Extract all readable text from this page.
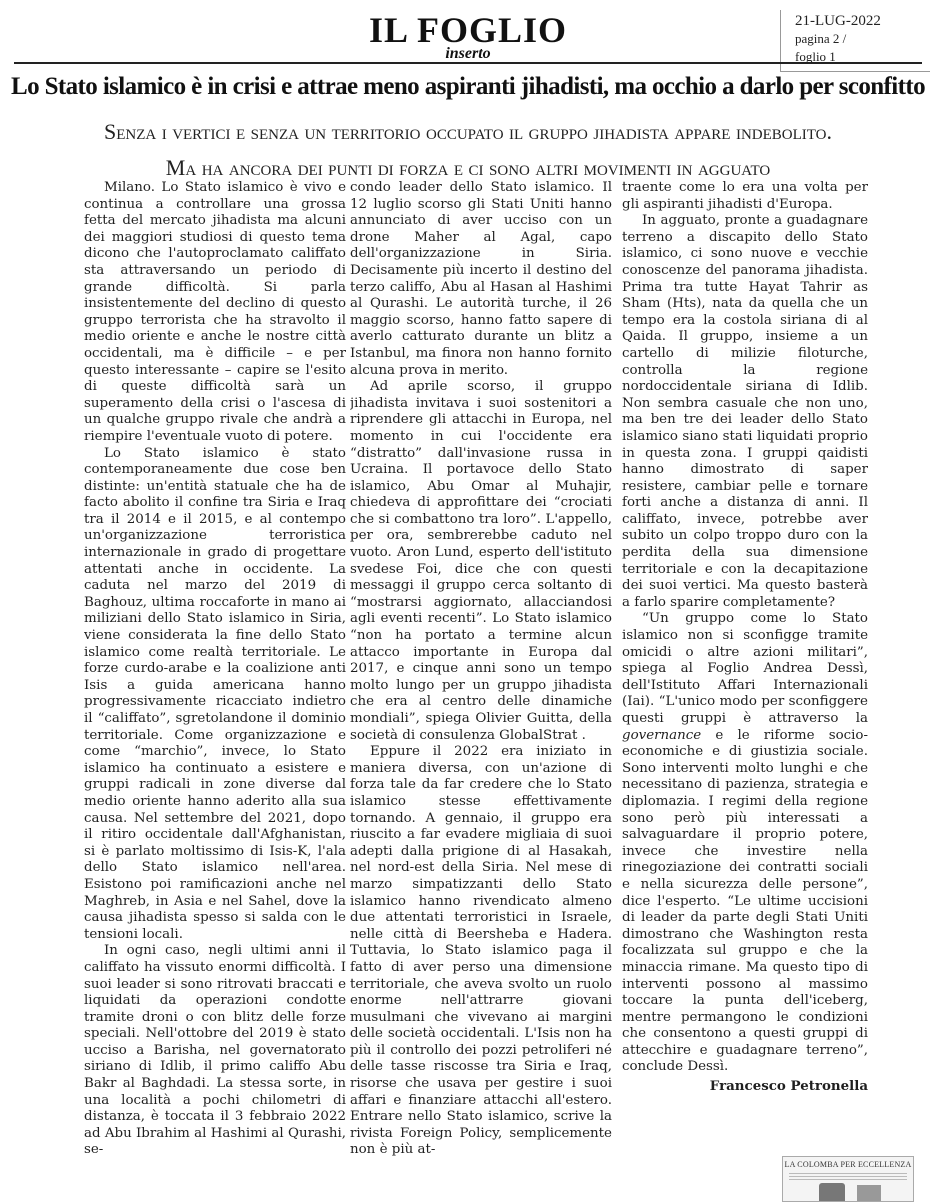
IL FOGLIO
inserto
21-LUG-2022
pagina 2 /
foglio 1
Lo Stato islamico è in crisi e attrae meno aspiranti jihadisti, ma occhio a darlo per sconfitto
Senza i vertici e senza un territorio occupato il gruppo jihadista appare indebolito.
Ma ha ancora dei punti di forza e ci sono altri movimenti in agguato

Milano. Lo Stato islamico è vivo e continua a controllare una grossa fetta del mercato jihadista ma alcuni dei maggiori studiosi di questo tema dicono che l'autoproclamato califfato sta attraversando un periodo di grande difficoltà. Si parla insistentemente del declino di questo gruppo terrorista che ha stravolto il medio oriente e anche le nostre città occidentali, ma è difficile – e per questo interessante – capire se l'esito di queste difficoltà sarà un superamento della crisi o l'ascesa di un qualche gruppo rivale che andrà a riempire l'eventuale vuoto di potere.

Lo Stato islamico è stato contemporaneamente due cose ben distinte: un'entità statuale che ha de facto abolito il confine tra Siria e Iraq tra il 2014 e il 2015, e al contempo un'organizzazione terroristica internazionale in grado di progettare attentati anche in occidente. La caduta nel marzo del 2019 di Baghouz, ultima roccaforte in mano ai miliziani dello Stato islamico in Siria, viene considerata la fine dello Stato islamico come realtà territoriale. Le forze curdo-arabe e la coalizione anti Isis a guida americana hanno progressivamente ricacciato indietro il “califfato”, sgretolandone il dominio territoriale. Come organizzazione e come “marchio”, invece, lo Stato islamico ha continuato a esistere e gruppi radicali in zone diverse dal medio oriente hanno aderito alla sua causa. Nel settembre del 2021, dopo il ritiro occidentale dall'Afghanistan, si è parlato moltissimo di Isis-K, l'ala dello Stato islamico nell'area. Esistono poi ramificazioni anche nel Maghreb, in Asia e nel Sahel, dove la causa jihadista spesso si salda con le tensioni locali.

In ogni caso, negli ultimi anni il califfato ha vissuto enormi difficoltà. I suoi leader si sono ritrovati braccati e liquidati da operazioni condotte tramite droni o con blitz delle forze speciali. Nell'ottobre del 2019 è stato ucciso a Barisha, nel governatorato siriano di Idlib, il primo califfo Abu Bakr al Baghdadi. La stessa sorte, in una località a pochi chilometri di distanza, è toccata il 3 febbraio 2022 ad Abu Ibrahim al Hashimi al Qurashi, se-

condo leader dello Stato islamico. Il 12 luglio scorso gli Stati Uniti hanno annunciato di aver ucciso con un drone Maher al Agal, capo dell'organizzazione in Siria. Decisamente più incerto il destino del terzo califfo, Abu al Hasan al Hashimi al Qurashi. Le autorità turche, il 26 maggio scorso, hanno fatto sapere di averlo catturato durante un blitz a Istanbul, ma finora non hanno fornito alcuna prova in merito.

Ad aprile scorso, il gruppo jihadista invitava i suoi sostenitori a riprendere gli attacchi in Europa, nel momento in cui l'occidente era “distratto” dall'invasione russa in Ucraina. Il portavoce dello Stato islamico, Abu Omar al Muhajir, chiedeva di approfittare dei “crociati che si combattono tra loro”. L'appello, per ora, sembrerebbe caduto nel vuoto. Aron Lund, esperto dell'istituto svedese Foi, dice che con questi messaggi il gruppo cerca soltanto di “mostrarsi aggiornato, allacciandosi agli eventi recenti”. Lo Stato islamico “non ha portato a termine alcun attacco importante in Europa dal 2017, e cinque anni sono un tempo molto lungo per un gruppo jihadista che era al centro delle dinamiche mondiali”, spiega Olivier Guitta, della società di consulenza GlobalStrat .

Eppure il 2022 era iniziato in maniera diversa, con un'azione di forza tale da far credere che lo Stato islamico stesse effettivamente tornando. A gennaio, il gruppo era riuscito a far evadere migliaia di suoi adepti dalla prigione di al Hasakah, nel nord-est della Siria. Nel mese di marzo simpatizzanti dello Stato islamico hanno rivendicato almeno due attentati terroristici in Israele, nelle città di Beersheba e Hadera. Tuttavia, lo Stato islamico paga il fatto di aver perso una dimensione territoriale, che aveva svolto un ruolo enorme nell'attrarre giovani musulmani che vivevano ai margini delle società occidentali. L'Isis non ha più il controllo dei pozzi petroliferi né delle tasse riscosse tra Siria e Iraq, risorse che usava per gestire i suoi affari e finanziare attacchi all'estero. Entrare nello Stato islamico, scrive la rivista Foreign Policy, semplicemente non è più at-

traente come lo era una volta per gli aspiranti jihadisti d'Europa.

In agguato, pronte a guadagnare terreno a discapito dello Stato islamico, ci sono nuove e vecchie conoscenze del panorama jihadista. Prima tra tutte Hayat Tahrir as Sham (Hts), nata da quella che un tempo era la costola siriana di al Qaida. Il gruppo, insieme a un cartello di milizie filoturche, controlla la regione nordoccidentale siriana di Idlib. Non sembra casuale che non uno, ma ben tre dei leader dello Stato islamico siano stati liquidati proprio in questa zona. I gruppi qaidisti hanno dimostrato di saper resistere, cambiar pelle e tornare forti anche a distanza di anni. Il califfato, invece, potrebbe aver subito un colpo troppo duro con la perdita della sua dimensione territoriale e con la decapitazione dei suoi vertici. Ma questo basterà a farlo sparire completamente?

“Un gruppo come lo Stato islamico non si sconfigge tramite omicidi o altre azioni militari”, spiega al Foglio Andrea Dessì, dell'Istituto Affari Internazionali (Iai). “L'unico modo per sconfiggere questi gruppi è attraverso la governance e le riforme socio-economiche e di giustizia sociale. Sono interventi molto lunghi e che necessitano di pazienza, strategia e diplomazia. I regimi della regione sono però più interessati a salvaguardare il proprio potere, invece che investire nella rinegoziazione dei contratti sociali e nella sicurezza delle persone”, dice l'esperto. “Le ultime uccisioni di leader da parte degli Stati Uniti dimostrano che Washington resta focalizzata sul gruppo e che la minaccia rimane. Ma questo tipo di interventi possono al massimo toccare la punta dell'iceberg, mentre permangono le condizioni che consentono a questi gruppi di attecchire e guadagnare terreno”, conclude Dessì.

Francesco Petronella
LA COLOMBA PER ECCELLENZA
